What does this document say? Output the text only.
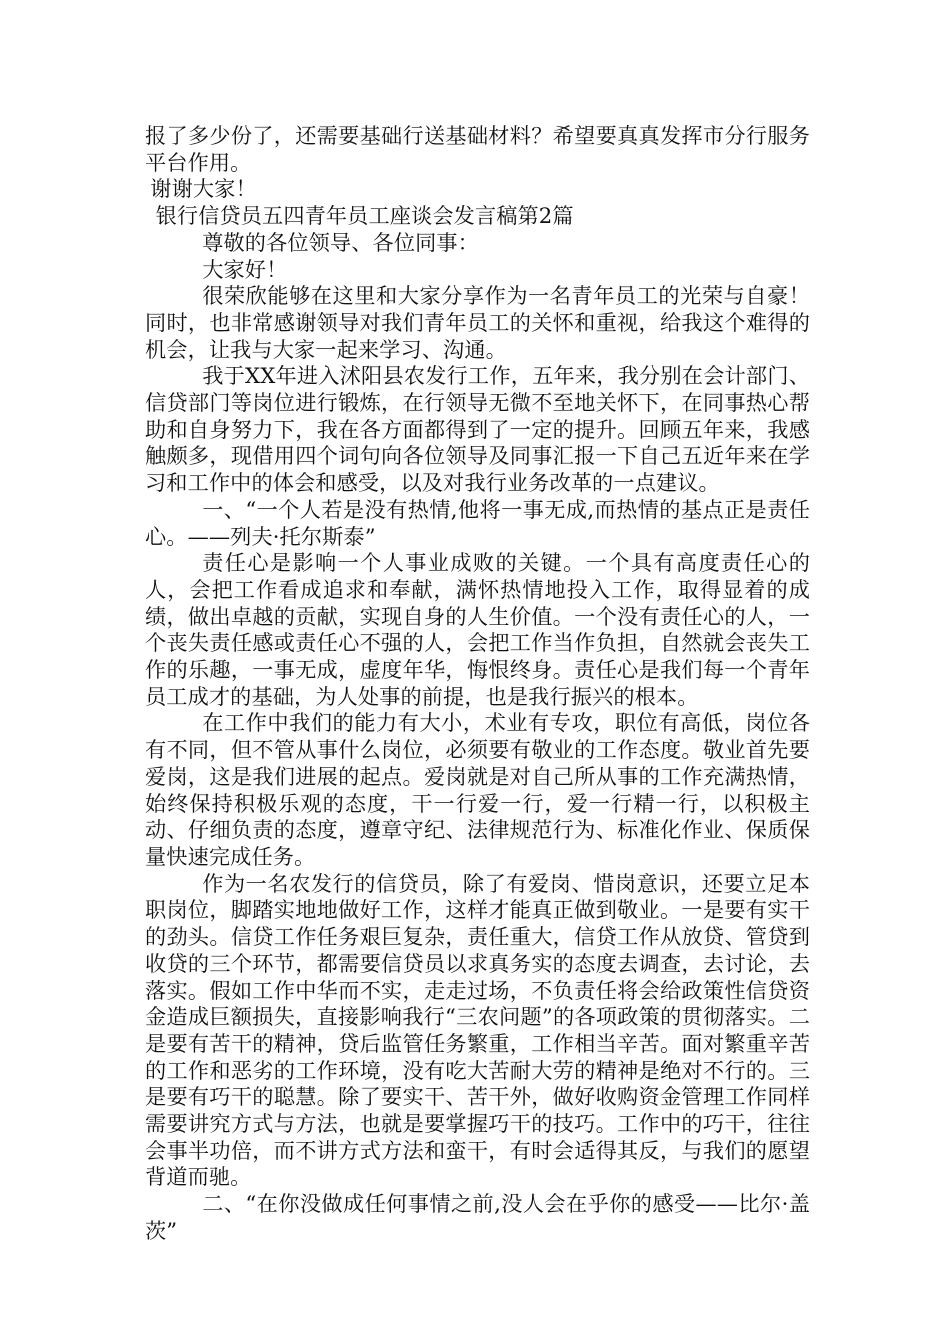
报了多少份了，还需要基础行送基础材料？希望要真真发挥市分行服务平台作用。

谢谢大家！

银行信贷员五四青年员工座谈会发言稿第2篇

尊敬的各位领导、各位同事：

大家好！

很荣欣能够在这里和大家分享作为一名青年员工的光荣与自豪！同时，也非常感谢领导对我们青年员工的关怀和重视，给我这个难得的机会，让我与大家一起来学习、沟通。

我于XX年进入沭阳县农发行工作，五年来，我分别在会计部门、信贷部门等岗位进行锻炼，在行领导无微不至地关怀下，在同事热心帮助和自身努力下，我在各方面都得到了一定的提升。回顾五年来，我感触颇多，现借用四个词句向各位领导及同事汇报一下自己五近年来在学习和工作中的体会和感受，以及对我行业务改革的一点建议。

一、“一个人若是没有热情,他将一事无成,而热情的基点正是责任心。——列夫·托尔斯泰”

责任心是影响一个人事业成败的关键。一个具有高度责任心的人，会把工作看成追求和奉献，满怀热情地投入工作，取得显着的成绩，做出卓越的贡献，实现自身的人生价值。一个没有责任心的人，一个丧失责任感或责任心不强的人，会把工作当作负担，自然就会丧失工作的乐趣，一事无成，虚度年华，悔恨终身。责任心是我们每一个青年员工成才的基础，为人处事的前提，也是我行振兴的根本。

在工作中我们的能力有大小，术业有专攻，职位有高低，岗位各有不同，但不管从事什么岗位，必须要有敬业的工作态度。敬业首先要爱岗，这是我们进展的起点。爱岗就是对自己所从事的工作充满热情，始终保持积极乐观的态度，干一行爱一行，爱一行精一行，以积极主动、仔细负责的态度，遵章守纪、法律规范行为、标准化作业、保质保量快速完成任务。

作为一名农发行的信贷员，除了有爱岗、惜岗意识，还要立足本职岗位，脚踏实地地做好工作，这样才能真正做到敬业。一是要有实干的劲头。信贷工作任务艰巨复杂，责任重大，信贷工作从放贷、管贷到收贷的三个环节，都需要信贷员以求真务实的态度去调查，去讨论，去落实。假如工作中华而不实，走走过场，不负责任将会给政策性信贷资金造成巨额损失，直接影响我行“三农问题”的各项政策的贯彻落实。二是要有苦干的精神，贷后监管任务繁重，工作相当辛苦。面对繁重辛苦的工作和恶劣的工作环境，没有吃大苦耐大劳的精神是绝对不行的。三是要有巧干的聪慧。除了要实干、苦干外，做好收购资金管理工作同样需要讲究方式与方法，也就是要掌握巧干的技巧。工作中的巧干，往往会事半功倍，而不讲方式方法和蛮干，有时会适得其反，与我们的愿望背道而驰。

二、“在你没做成任何事情之前,没人会在乎你的感受——比尔·盖茨”
